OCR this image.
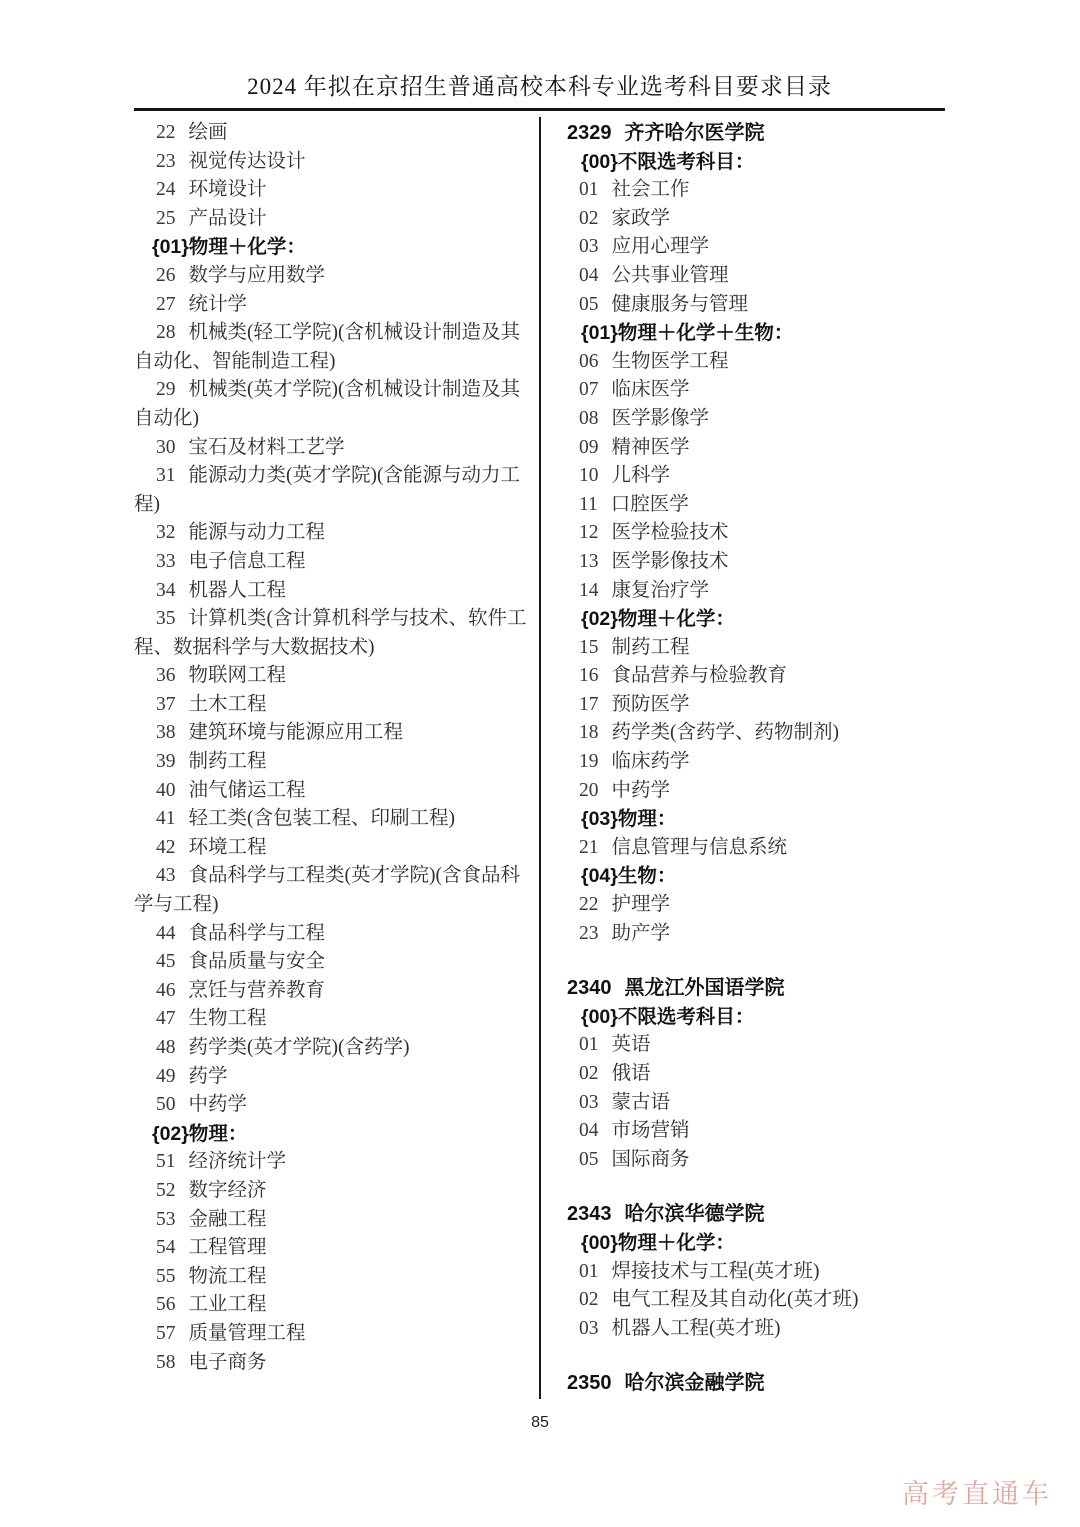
2024 年拟在京招生普通高校本科专业选考科目要求目录
22 绘画
23 视觉传达设计
24 环境设计
25 产品设计
{01}物理＋化学：
26 数学与应用数学
27 统计学
28 机械类(轻工学院)(含机械设计制造及其自动化、智能制造工程)
29 机械类(英才学院)(含机械设计制造及其自动化)
30 宝石及材料工艺学
31 能源动力类(英才学院)(含能源与动力工程)
32 能源与动力工程
33 电子信息工程
34 机器人工程
35 计算机类(含计算机科学与技术、软件工程、数据科学与大数据技术)
36 物联网工程
37 土木工程
38 建筑环境与能源应用工程
39 制药工程
40 油气储运工程
41 轻工类(含包装工程、印刷工程)
42 环境工程
43 食品科学与工程类(英才学院)(含食品科学与工程)
44 食品科学与工程
45 食品质量与安全
46 烹饪与营养教育
47 生物工程
48 药学类(英才学院)(含药学)
49 药学
50 中药学
{02}物理：
51 经济统计学
52 数字经济
53 金融工程
54 工程管理
55 物流工程
56 工业工程
57 质量管理工程
58 电子商务
2329 齐齐哈尔医学院
{00}不限选考科目：
01 社会工作
02 家政学
03 应用心理学
04 公共事业管理
05 健康服务与管理
{01}物理＋化学＋生物：
06 生物医学工程
07 临床医学
08 医学影像学
09 精神医学
10 儿科学
11 口腔医学
12 医学检验技术
13 医学影像技术
14 康复治疗学
{02}物理＋化学：
15 制药工程
16 食品营养与检验教育
17 预防医学
18 药学类(含药学、药物制剂)
19 临床药学
20 中药学
{03}物理：
21 信息管理与信息系统
{04}生物：
22 护理学
23 助产学
2340 黑龙江外国语学院
{00}不限选考科目：
01 英语
02 俄语
03 蒙古语
04 市场营销
05 国际商务
2343 哈尔滨华德学院
{00}物理＋化学：
01 焊接技术与工程(英才班)
02 电气工程及其自动化(英才班)
03 机器人工程(英才班)
2350 哈尔滨金融学院
85
高考直通车
